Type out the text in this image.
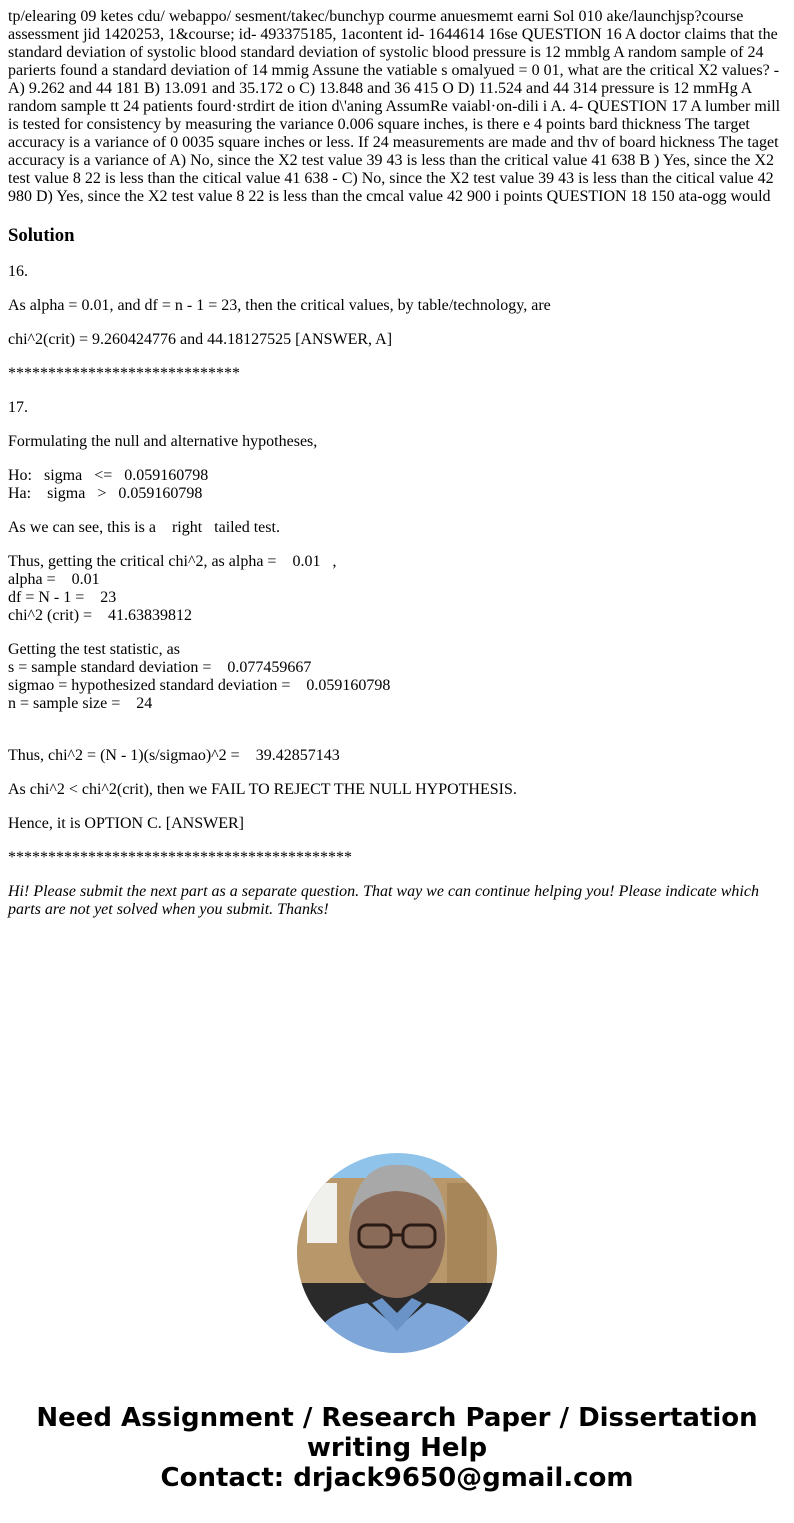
tp/elearing 09 ketes cdu/ webappo/ sesment/takec/bunchyp courme anuesmemt earni Sol 010 ake/launchjsp?course assessment jid 1420253, 1&course; id- 493375185, 1acontent id- 1644614 16se QUESTION 16 A doctor claims that the standard deviation of systolic blood standard deviation of systolic blood pressure is 12 mmblg A random sample of 24 parierts found a standard deviation of 14 mmig Assune the vatiable s omalyued = 0 01, what are the critical X2 values? - A) 9.262 and 44 181 B) 13.091 and 35.172 o C) 13.848 and 36 415 O D) 11.524 and 44 314 pressure is 12 mmHg A random sample tt 24 patients fourd·strdirt de ition d\'aning AssumRe vaiabl·on-dili i A. 4- QUESTION 17 A lumber mill is tested for consistency by measuring the variance 0.006 square inches, is there e 4 points bard thickness The target accuracy is a variance of 0 0035 square inches or less. If 24 measurements are made and thv of board hickness The taget accuracy is a variance of A) No, since the X2 test value 39 43 is less than the critical value 41 638 B ) Yes, since the X2 test value 8 22 is less than the citical value 41 638 - C) No, since the X2 test value 39 43 is less than the citical value 42 980 D) Yes, since the X2 test value 8 22 is less than the cmcal value 42 900 i points QUESTION 18 150 ata-ogg would
Solution

16.

As alpha = 0.01, and df = n - 1 = 23, then the critical values, by table/technology, are

chi^2(crit) = 9.260424776 and 44.18127525 [ANSWER, A]

*****************************

17.

Formulating the null and alternative hypotheses,

Ho:   sigma   <=   0.059160798
Ha:    sigma   >   0.059160798

As we can see, this is a    right   tailed test.

Thus, getting the critical chi^2, as alpha =    0.01   ,
alpha =    0.01
df = N - 1 =    23
chi^2 (crit) =    41.63839812

Getting the test statistic, as
s = sample standard deviation =    0.077459667
sigmao = hypothesized standard deviation =    0.059160798
n = sample size =    24

Thus, chi^2 = (N - 1)(s/sigmao)^2 =    39.42857143

As chi^2 < chi^2(crit), then we FAIL TO REJECT THE NULL HYPOTHESIS.

Hence, it is OPTION C. [ANSWER]

*******************************************

Hi! Please submit the next part as a separate question. That way we can continue helping you! Please indicate which parts are not yet solved when you submit. Thanks!

Need Assignment / Research Paper / Dissertation
writing Help
Contact: drjack9650@gmail.com
